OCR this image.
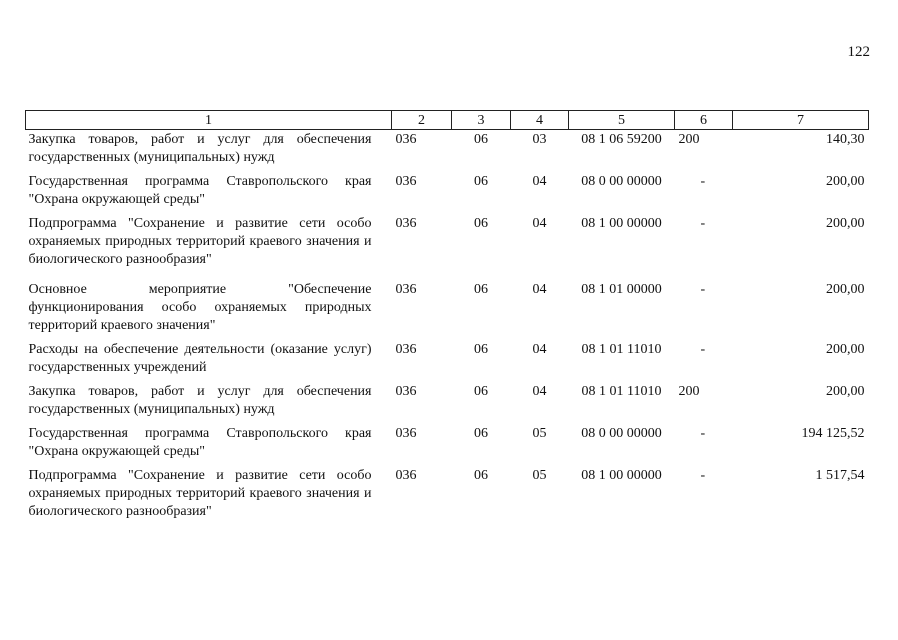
122
1	2	3	4	5	6	7
Закупка товаров, работ и услуг для обеспечения государственных (муниципальных) нужд	036	06	03	08 1 06 59200	200	140,30
Государственная программа Ставропольского края "Охрана окружающей среды"	036	06	04	08 0 00 00000	-	200,00
Подпрограмма "Сохранение и развитие сети особо охраняемых природных территорий краевого значения и биологического разнообразия"	036	06	04	08 1 00 00000	-	200,00
Основное мероприятие "Обеспечение функционирования особо охраняемых природных территорий краевого значения"	036	06	04	08 1 01 00000	-	200,00
Расходы на обеспечение деятельности (оказание услуг) государственных учреждений	036	06	04	08 1 01 11010	-	200,00
Закупка товаров, работ и услуг для обеспечения государственных (муниципальных) нужд	036	06	04	08 1 01 11010	200	200,00
Государственная программа Ставропольского края "Охрана окружающей среды"	036	06	05	08 0 00 00000	-	194 125,52
Подпрограмма "Сохранение и развитие сети особо охраняемых природных территорий краевого значения и биологического разнообразия"	036	06	05	08 1 00 00000	-	1 517,54
